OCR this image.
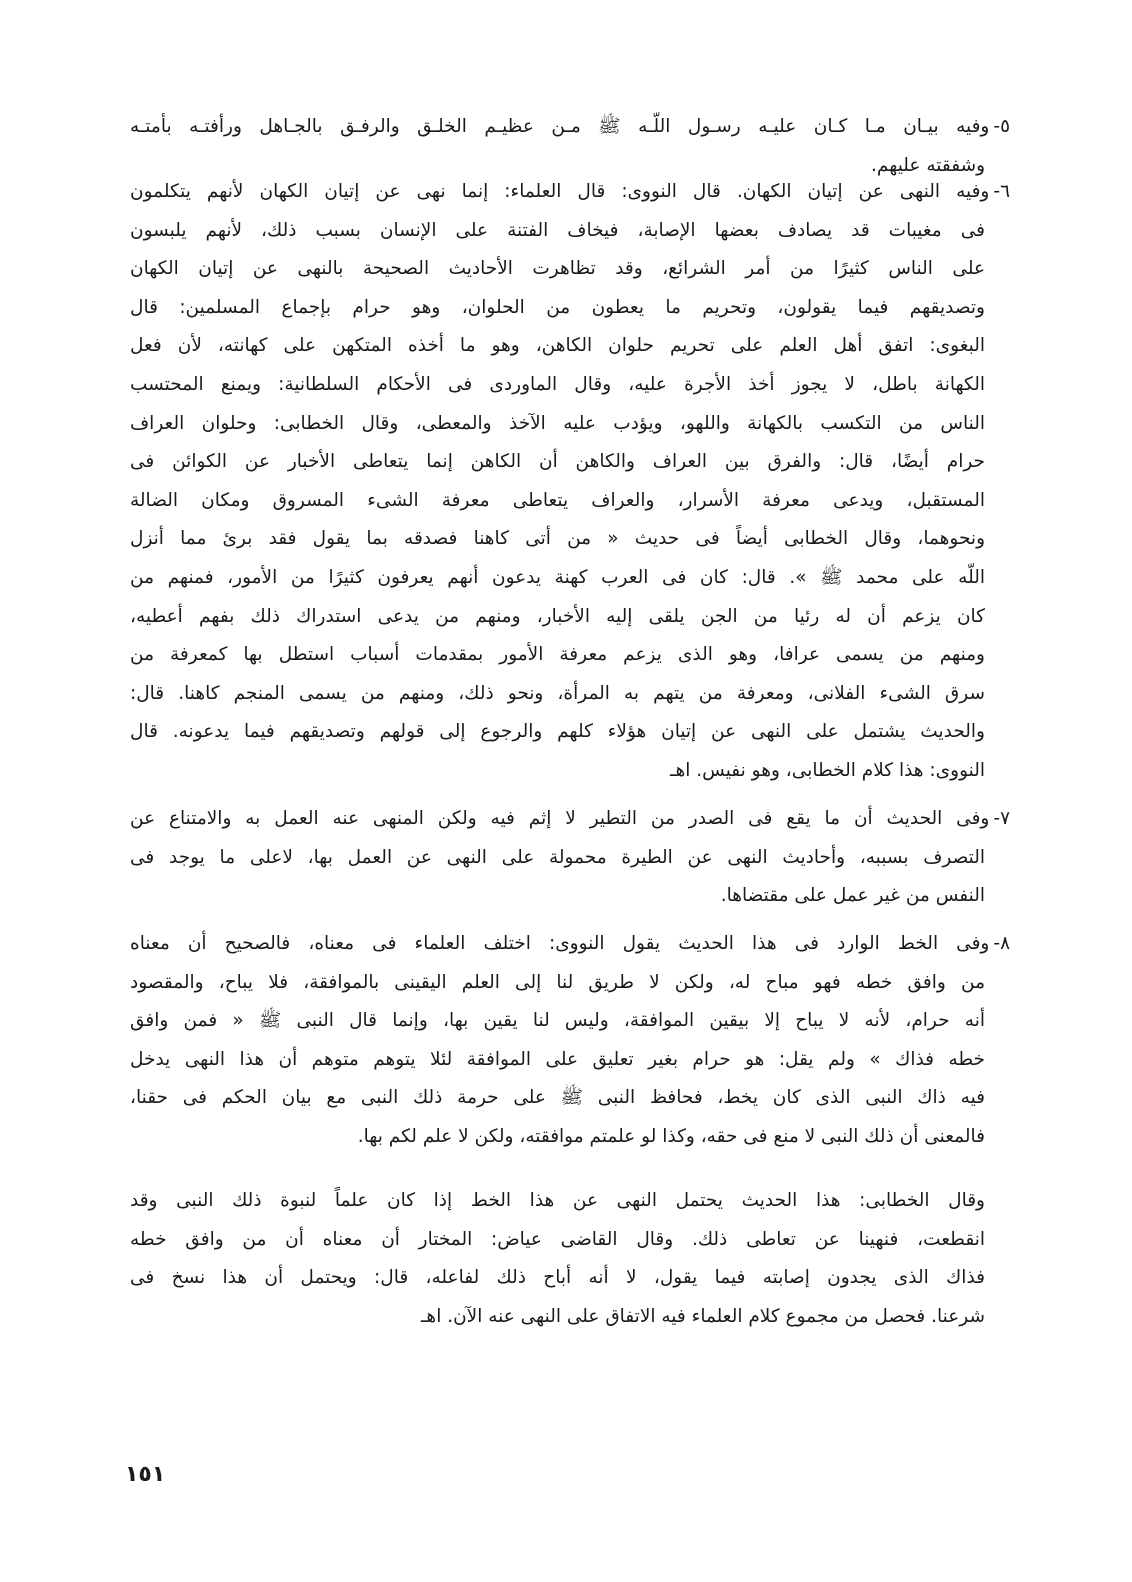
٥-وفيه بيـان مـا كـان عليـه رسـول اللّـه ﷺ مـن عظيـم الخلـق والرفـق بالجـاهل ورأفتـه بأمتـه
وشفقته عليهم.
٦-وفيه النهى عن إتيان الكهان. قال النووى: قال العلماء: إنما نهى عن إتيان الكهان لأنهم يتكلمون
فى مغيبات قد يصادف بعضها الإصابة، فيخاف الفتنة على الإنسان بسبب ذلك، لأنهم يلبسون
على الناس كثيرًا من أمر الشرائع، وقد تظاهرت الأحاديث الصحيحة بالنهى عن إتيان الكهان
وتصديقهم فيما يقولون، وتحريم ما يعطون من الحلوان، وهو حرام بإجماع المسلمين: قال
البغوى: اتفق أهل العلم على تحريم حلوان الكاهن، وهو ما أخذه المتكهن على كهانته، لأن فعل
الكهانة باطل، لا يجوز أخذ الأجرة عليه، وقال الماوردى فى الأحكام السلطانية: ويمنع المحتسب
الناس من التكسب بالكهانة واللهو، ويؤدب عليه الآخذ والمعطى، وقال الخطابى: وحلوان العراف
حرام أيضًا، قال: والفرق بين العراف والكاهن أن الكاهن إنما يتعاطى الأخبار عن الكوائن فى
المستقبل، ويدعى معرفة الأسرار، والعراف يتعاطى معرفة الشىء المسروق ومكان الضالة
ونحوهما، وقال الخطابى أيضاً فى حديث « من أتى كاهنا فصدقه بما يقول فقد برئ مما أنزل
اللّه على محمد ﷺ ». قال: كان فى العرب كهنة يدعون أنهم يعرفون كثيرًا من الأمور، فمنهم من
كان يزعم أن له رئيا من الجن يلقى إليه الأخبار، ومنهم من يدعى استدراك ذلك بفهم أعطيه،
ومنهم من يسمى عرافا، وهو الذى يزعم معرفة الأمور بمقدمات أسباب استطل بها كمعرفة من
سرق الشىء الفلانى، ومعرفة من يتهم به المرأة، ونحو ذلك، ومنهم من يسمى المنجم كاهنا. قال:
والحديث يشتمل على النهى عن إتيان هؤلاء كلهم والرجوع إلى قولهم وتصديقهم فيما يدعونه. قال
النووى: هذا كلام الخطابى، وهو نفيس. اهـ
٧-وفى الحديث أن ما يقع فى الصدر من التطير لا إثم فيه ولكن المنهى عنه العمل به والامتناع عن
التصرف بسببه، وأحاديث النهى عن الطيرة محمولة على النهى عن العمل بها، لاعلى ما يوجد فى
النفس من غير عمل على مقتضاها.
٨-وفى الخط الوارد فى هذا الحديث يقول النووى: اختلف العلماء فى معناه، فالصحيح أن معناه
من وافق خطه فهو مباح له، ولكن لا طريق لنا إلى العلم اليقينى بالموافقة، فلا يباح، والمقصود
أنه حرام، لأنه لا يباح إلا بيقين الموافقة، وليس لنا يقين بها، وإنما قال النبى ﷺ « فمن وافق
خطه فذاك » ولم يقل: هو حرام بغير تعليق على الموافقة لئلا يتوهم متوهم أن هذا النهى يدخل
فيه ذاك النبى الذى كان يخط، فحافظ النبى ﷺ على حرمة ذلك النبى مع بيان الحكم فى حقنا،
فالمعنى أن ذلك النبى لا منع فى حقه، وكذا لو علمتم موافقته، ولكن لا علم لكم بها.
وقال الخطابى: هذا الحديث يحتمل النهى عن هذا الخط إذا كان علماً لنبوة ذلك النبى وقد
انقطعت، فنهينا عن تعاطى ذلك. وقال القاضى عياض: المختار أن معناه أن من وافق خطه
فذاك الذى يجدون إصابته فيما يقول، لا أنه أباح ذلك لفاعله، قال: ويحتمل أن هذا نسخ فى
شرعنا. فحصل من مجموع كلام العلماء فيه الاتفاق على النهى عنه الآن. اهـ
١٥١
